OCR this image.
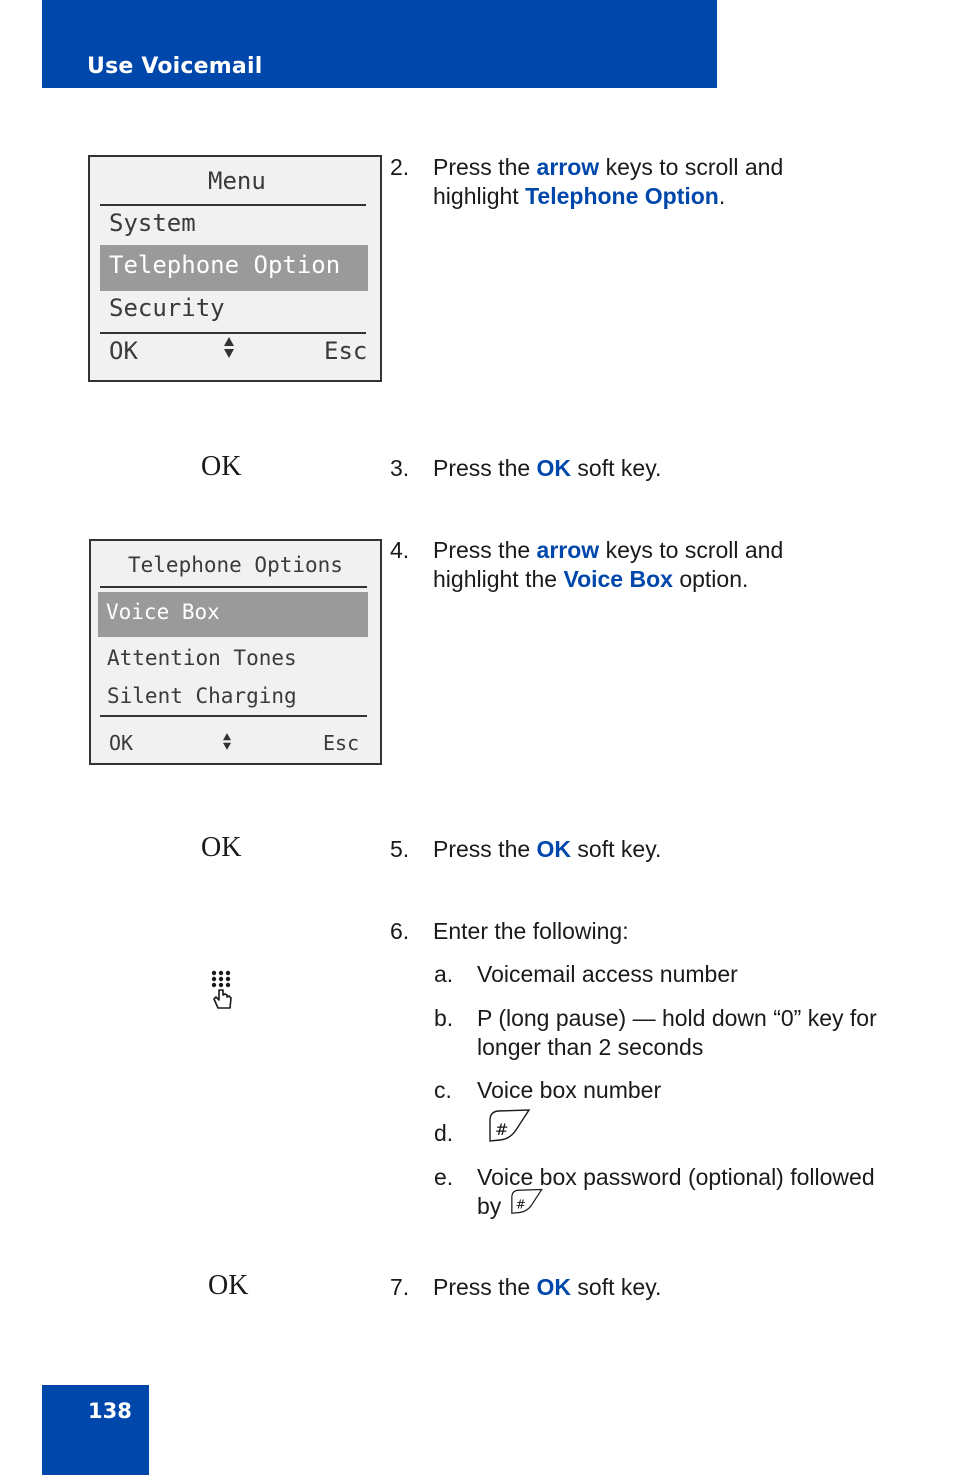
Use Voicemail
Menu
System
Telephone Option
Security
OK	Esc
2. Press the arrow keys to scroll and highlight Telephone Option.
OK	3. Press the OK soft key.
Telephone Options
Voice Box
Attention Tones
Silent Charging
OK	Esc
4. Press the arrow keys to scroll and highlight the Voice Box option.
OK	5. Press the OK soft key.
6. Enter the following:
a. Voicemail access number
b. P (long pause) — hold down “0” key for longer than 2 seconds
c. Voice box number
d.	#
e. Voice box password (optional) followed by #
OK	7. Press the OK soft key.
138
